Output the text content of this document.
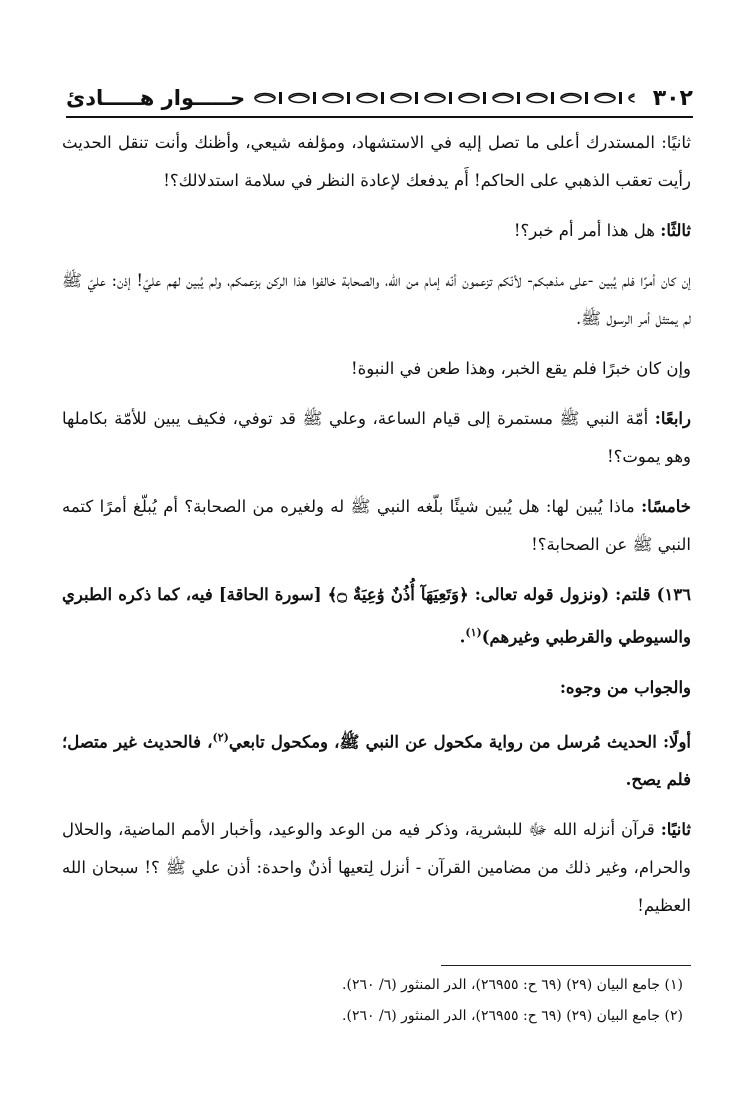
٣٠٢
حـــــوار هـــــادئ

ثانيًا: المستدرك أعلى ما تصل إليه في الاستشهاد، ومؤلفه شيعي، وأظنك وأنت تنقل الحديث رأيت تعقب الذهبي على الحاكم! أَم يدفعك لإعادة النظر في سلامة استدلالك؟!

ثالثًا: هل هذا أمر أم خبر؟!

إن كان أمرًا فلم يُبين -على مذهبكم- لأنّكم تزعمون أنّه إمام من الله، والصحابة خالفوا هذا الركن بزعمكم، ولم يُبين لهم عليّ! إذن: عليّ ﷺ لم يمتثل أمر الرسول ﷺ.

وإن كان خبرًا فلم يقع الخبر، وهذا طعن في النبوة!

رابعًا: أمّة النبي ﷺ مستمرة إلى قيام الساعة، وعلي ﷺ قد توفي، فكيف يبين للأمّة بكاملها وهو يموت؟!

خامسًا: ماذا يُبين لها: هل يُبين شيئًا بلّغه النبي ﷺ له ولغيره من الصحابة؟ أم يُبلّغ أمرًا كتمه النبي ﷺ عن الصحابة؟!

١٣٦) قلتم: (ونزول قوله تعالى: ﴿وَتَعِيَهَآ أُذُنٌ وَٰعِيَةٌ ۝﴾ [سورة الحاقة] فيه، كما ذكره الطبري والسيوطي والقرطبي وغيرهم)$^{(١)}$.

والجواب من وجوه:

أولًا: الحديث مُرسل من رواية مكحول عن النبي ﷺ، ومكحول تابعي$^{(٢)}$، فالحديث غير متصل؛ فلم يصح.

ثانيًا: قرآن أنزله الله ﷻ للبشرية، وذكر فيه من الوعد والوعيد، وأخبار الأمم الماضية، والحلال والحرام، وغير ذلك من مضامين القرآن - أنزل لِتعيها أذنٌ واحدة: أذن علي ﷺ ؟! سبحان الله العظيم!

(١) جامع البيان (٢٩) (٦٩ ح: ٢٦٩٥٥)، الدر المنثور (٦/ ٢٦٠).

(٢) جامع البيان (٢٩) (٦٩ ح: ٢٦٩٥٥)، الدر المنثور (٦/ ٢٦٠).
